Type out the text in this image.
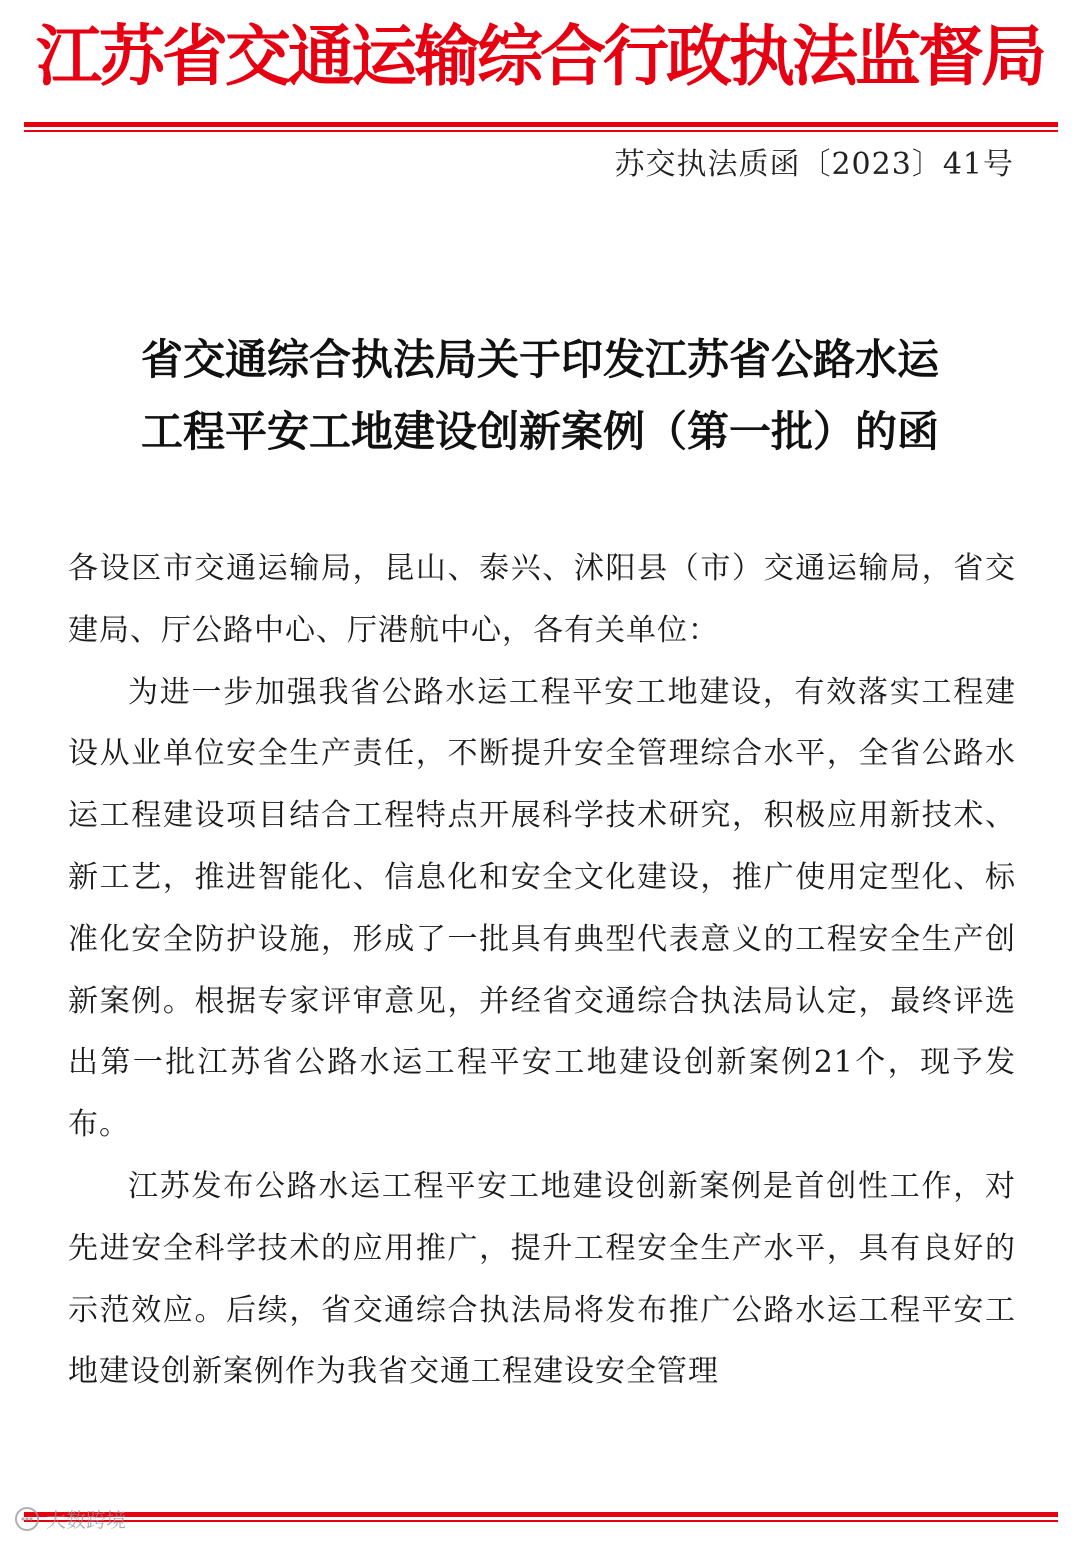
江苏省交通运输综合行政执法监督局
苏交执法质函〔2023〕41号
省交通综合执法局关于印发江苏省公路水运
工程平安工地建设创新案例（第一批）的函

各设区市交通运输局，昆山、泰兴、沭阳县（市）交通运输局，省交建局、厅公路中心、厅港航中心，各有关单位：

为进一步加强我省公路水运工程平安工地建设，有效落实工程建设从业单位安全生产责任，不断提升安全管理综合水平，全省公路水运工程建设项目结合工程特点开展科学技术研究，积极应用新技术、新工艺，推进智能化、信息化和安全文化建设，推广使用定型化、标准化安全防护设施，形成了一批具有典型代表意义的工程安全生产创新案例。根据专家评审意见，并经省交通综合执法局认定，最终评选出第一批江苏省公路水运工程平安工地建设创新案例21个，现予发布。

江苏发布公路水运工程平安工地建设创新案例是首创性工作，对先进安全科学技术的应用推广，提升工程安全生产水平，具有良好的示范效应。后续，省交通综合执法局将发布推广公路水运工程平安工地建设创新案例作为我省交通工程建设安全管理

大数跨境
